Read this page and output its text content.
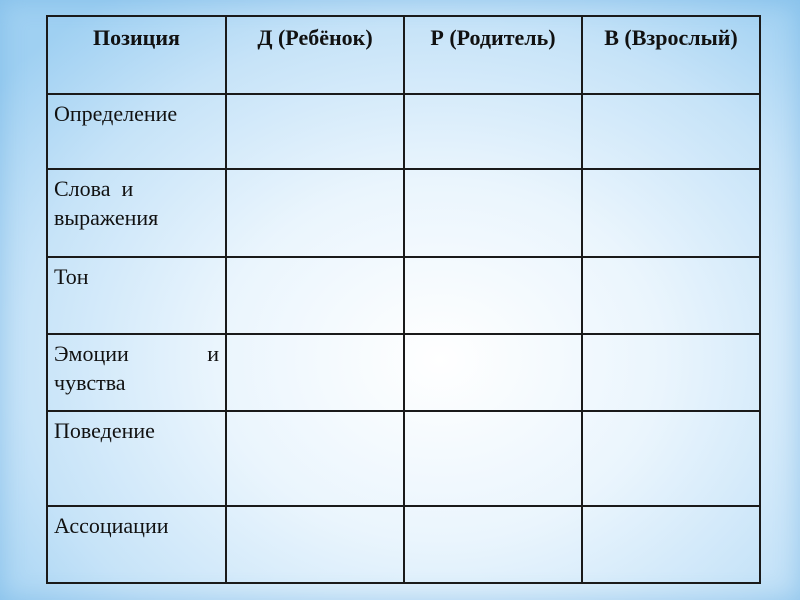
Позиция	Д (Ребёнок)	Р (Родитель)	В (Взрослый)
Определение			
Слова  и выражения			
Тон			
Эмоции и чувства			
Поведение			
Ассоциации			
